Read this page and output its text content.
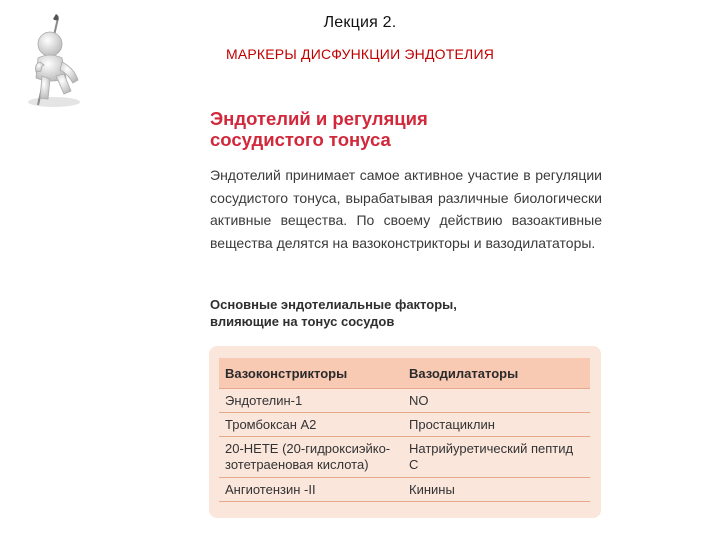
Лекция 2.
МАРКЕРЫ ДИСФУНКЦИИ ЭНДОТЕЛИЯ
Эндотелий и регуляция
сосудистого тонуса
Эндотелий принимает самое активное участие в регуляции сосудистого тонуса, вырабатывая различные биологически активные вещества. По своему действию вазоактивные вещества делятся на вазоконстрикторы и вазодилататоры.
Основные эндотелиальные факторы,
влияющие на тонус сосудов
Вазоконстрикторы	Вазодилататоры
Эндотелин-1	NO
Тромбоксан А2	Простациклин
20-НЕТЕ (20-гидроксиэйко-зотетраеновая кислота)	Натрийуретический пептид С
Ангиотензин -II	Кинины
